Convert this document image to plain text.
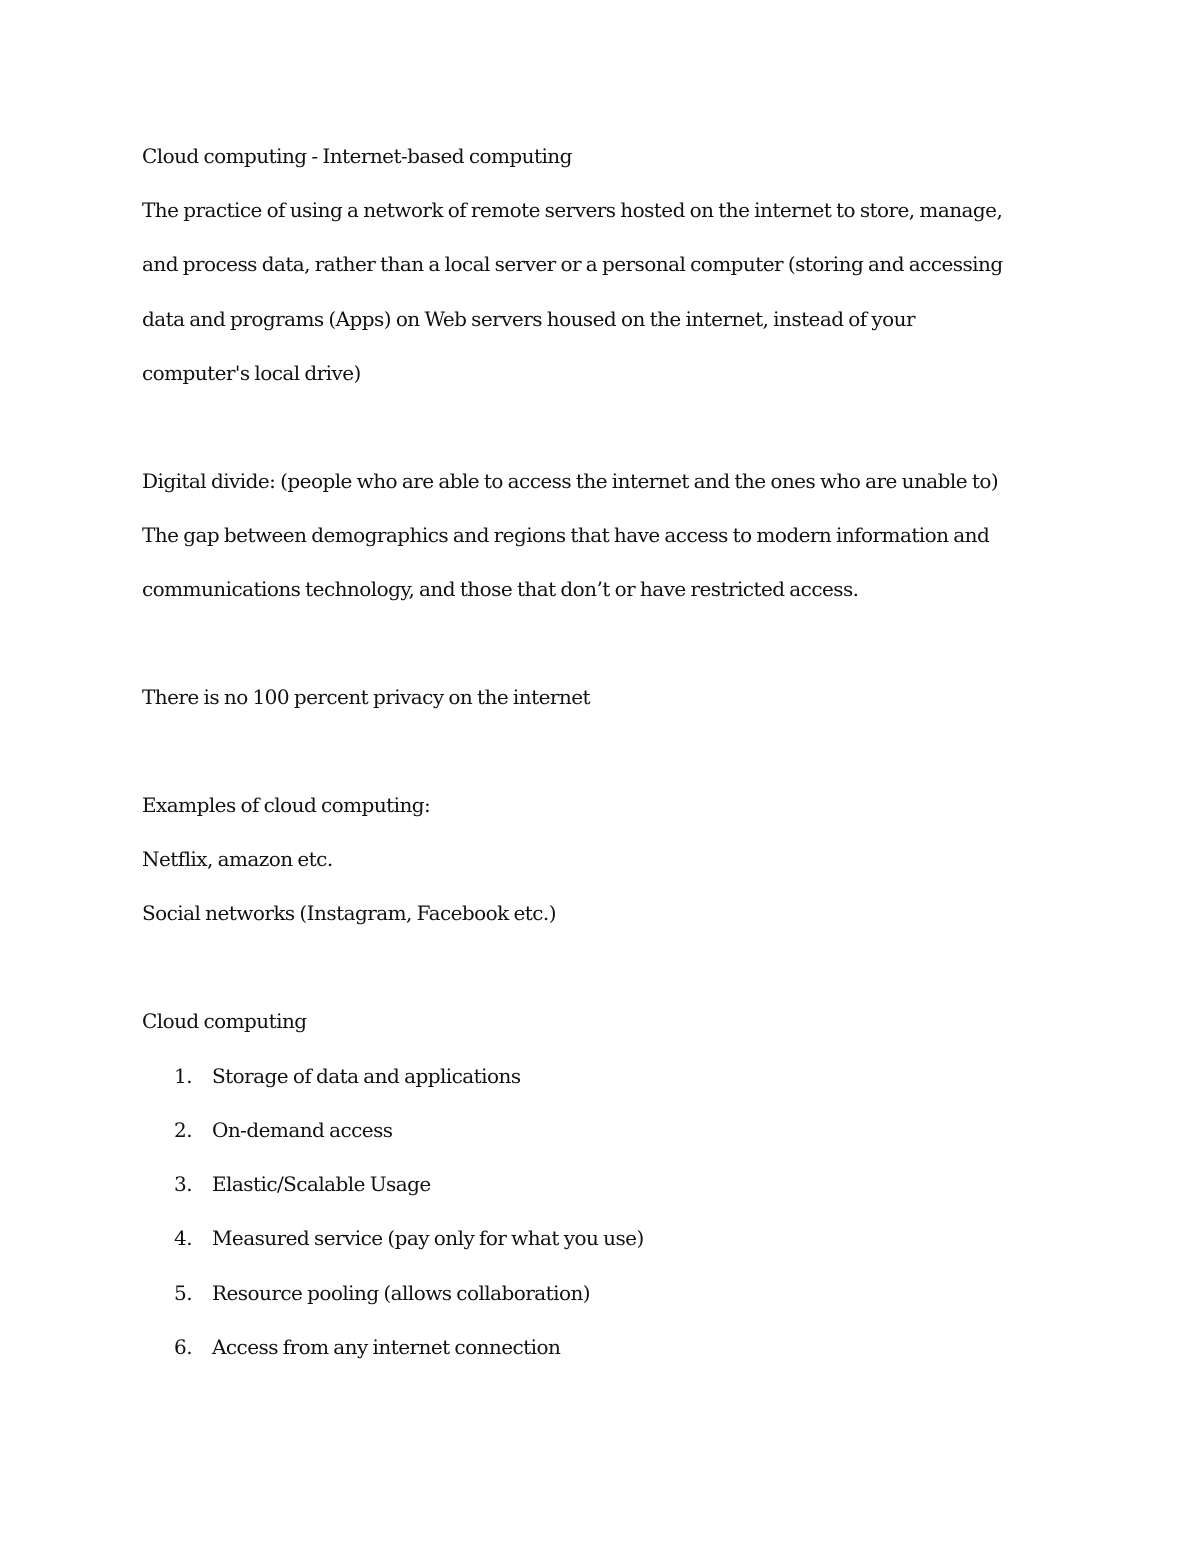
Cloud computing - Internet-based computing

The practice of using a network of remote servers hosted on the internet to store, manage,

and process data, rather than a local server or a personal computer (storing and accessing

data and programs (Apps) on Web servers housed on the internet, instead of your

computer's local drive)

Digital divide: (people who are able to access the internet and the ones who are unable to)

The gap between demographics and regions that have access to modern information and

communications technology, and those that don’t or have restricted access.

There is no 100 percent privacy on the internet

Examples of cloud computing:

Netflix, amazon etc.

Social networks (Instagram, Facebook etc.)

Cloud computing

1. Storage of data and applications
2. On-demand access
3. Elastic/Scalable Usage
4. Measured service (pay only for what you use)
5. Resource pooling (allows collaboration)
6. Access from any internet connection
